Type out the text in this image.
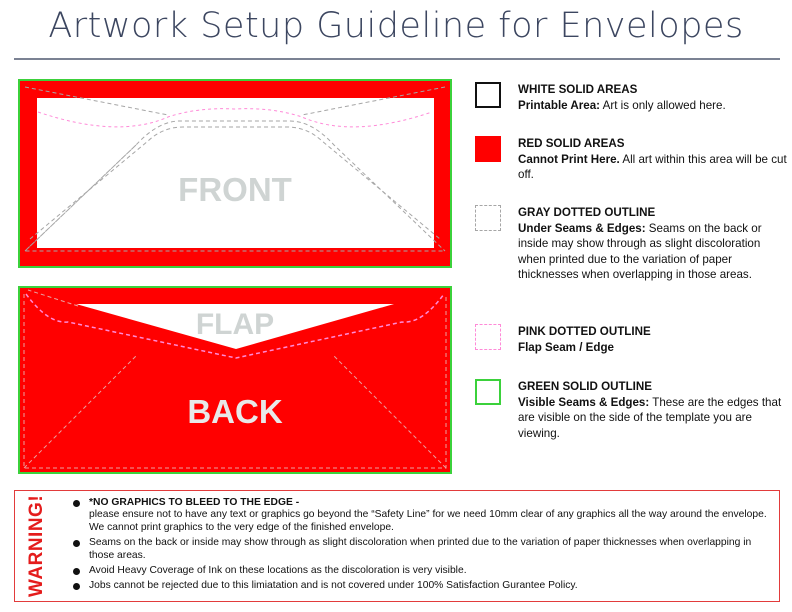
Artwork Setup Guideline for Envelopes
FRONT
FLAP
BACK
WHITE SOLID AREAS
Printable Area: Art is only allowed here.
RED SOLID AREAS
Cannot Print Here. All art within this area will be cut off.
GRAY DOTTED OUTLINE
Under Seams & Edges: Seams on the back or inside may show through as slight discoloration when printed due to the variation of paper thicknesses when overlapping in those areas.
PINK DOTTED OUTLINE
Flap Seam / Edge
GREEN SOLID OUTLINE
Visible Seams & Edges: These are the edges that are visible on the side of the template you are viewing.
WARNING!	*NO GRAPHICS TO BLEED TO THE EDGE -
please ensure not to have any text or graphics go beyond the “Safety Line” for we need 10mm clear of any graphics all the way around the envelope. We cannot print graphics to the very edge of the finished envelope.
Seams on the back or inside may show through as slight discoloration when printed due to the variation of paper thicknesses when overlapping in those areas.
Avoid Heavy Coverage of Ink on these locations as the discoloration is very visible.
Jobs cannot be rejected due to this limiatation and is not covered under 100% Satisfaction Gurantee Policy.
